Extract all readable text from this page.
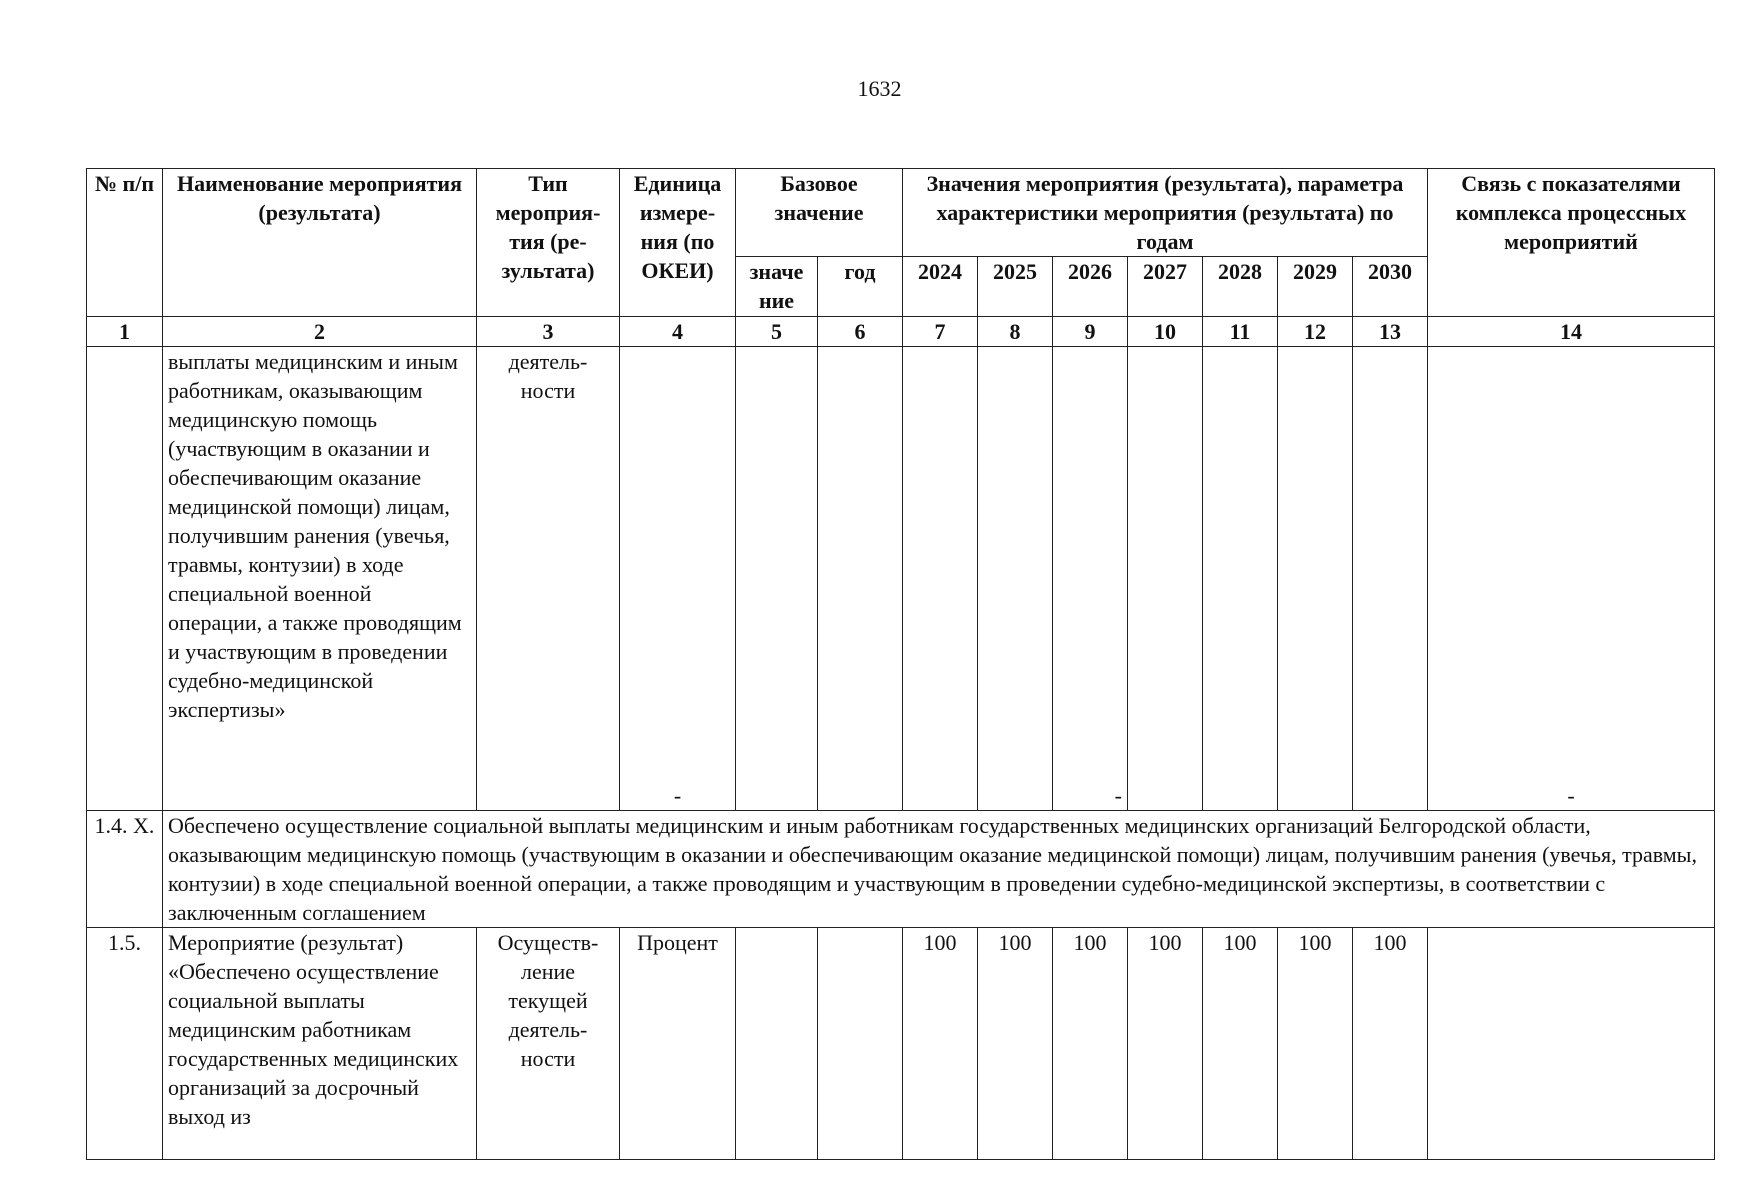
1632
№ п/п	Наименование мероприятия (результата)	Тип мероприя-тия (ре-зультата)	Единица измере-ния (по ОКЕИ)	Базовое значение		Значения мероприятия (результата), параметра характеристики мероприятия (результата) по годам							Связь с показателями комплекса процессных мероприятий
				значе ние	год	2024	2025	2026	2027	2028	2029	2030	
1	2	3	4	5	6	7	8	9	10	11	12	13	14
	выплаты медицинским и иным работникам, оказывающим медицинскую помощь (участвующим в оказании и обеспечивающим оказание медицинской помощи) лицам, получившим ранения (увечья, травмы, контузии) в ходе специальной военной операции, а также проводящим и участвующим в проведении судебно-медицинской экспертизы»	деятель-ности	-					-					-
1.4. Х.	Обеспечено осуществление социальной выплаты медицинским и иным работникам государственных медицинских организаций Белгородской области, оказывающим медицинскую помощь (участвующим в оказании и обеспечивающим оказание медицинской помощи) лицам, получившим ранения (увечья, травмы, контузии) в ходе специальной военной операции, а также проводящим и участвующим в проведении судебно-медицинской экспертизы, в соответствии с заключенным соглашением												
1.5.	Мероприятие (результат) «Обеспечено осуществление социальной выплаты медицинским работникам государственных медицинских организаций за досрочный выход из	Осуществ-ление текущей деятель-ности	Процент			100	100	100	100	100	100	100	
